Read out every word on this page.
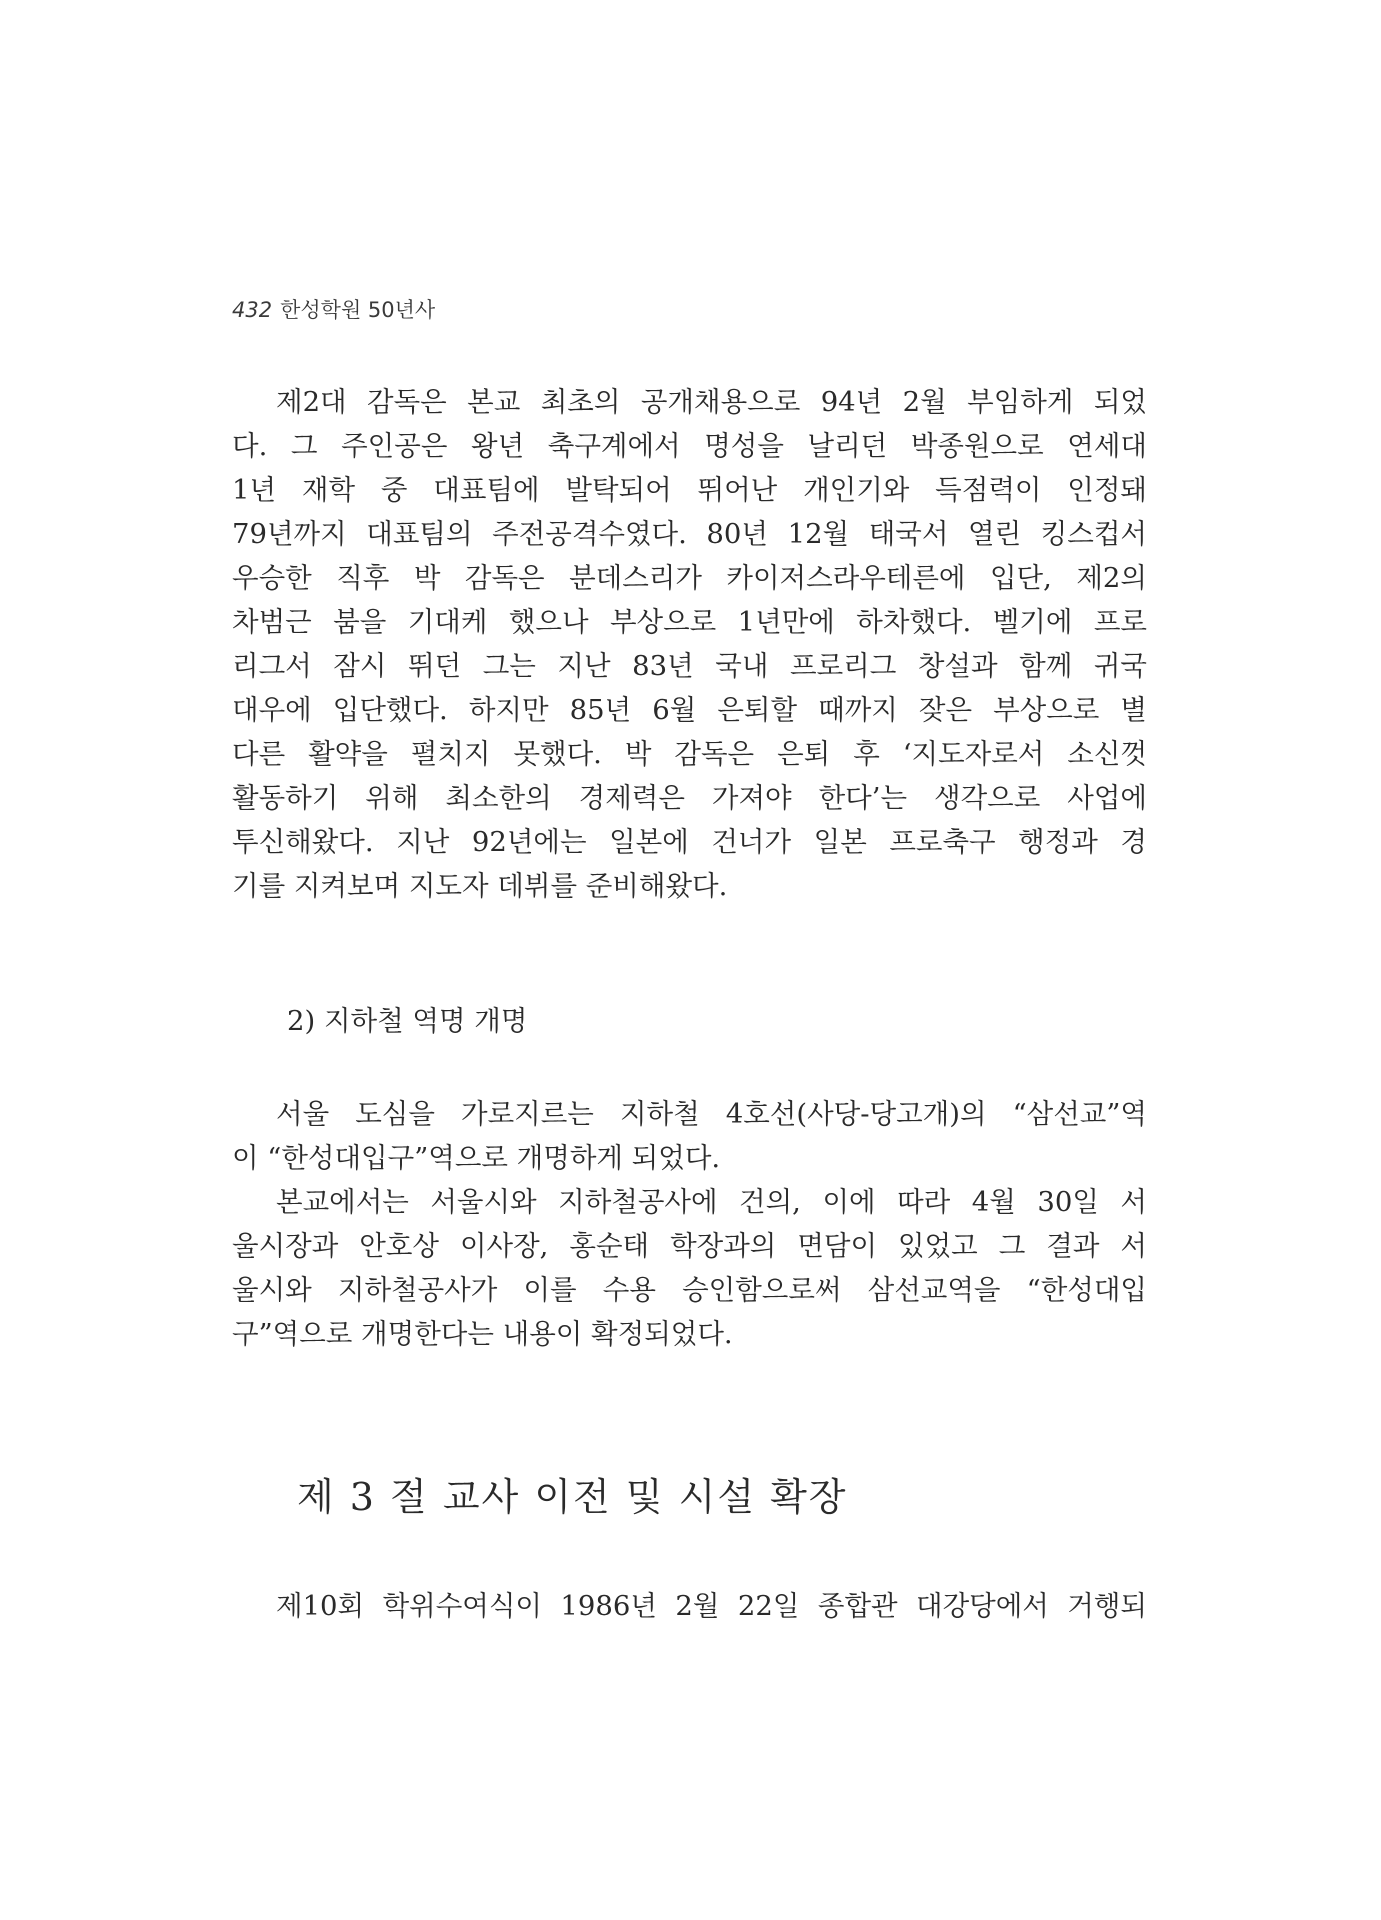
432 한성학원 50년사
제2대 감독은 본교 최초의 공개채용으로 94년 2월 부임하게 되었
다. 그 주인공은 왕년 축구계에서 명성을 날리던 박종원으로 연세대
1년 재학 중 대표팀에 발탁되어 뛰어난 개인기와 득점력이 인정돼
79년까지 대표팀의 주전공격수였다. 80년 12월 태국서 열린 킹스컵서
우승한 직후 박 감독은 분데스리가 카이저스라우테른에 입단, 제2의
차범근 붐을 기대케 했으나 부상으로 1년만에 하차했다. 벨기에 프로
리그서 잠시 뛰던 그는 지난 83년 국내 프로리그 창설과 함께 귀국
대우에 입단했다. 하지만 85년 6월 은퇴할 때까지 잦은 부상으로 별
다른 활약을 펼치지 못했다. 박 감독은 은퇴 후 ‘지도자로서 소신껏
활동하기 위해 최소한의 경제력은 가져야 한다’는 생각으로 사업에
투신해왔다. 지난 92년에는 일본에 건너가 일본 프로축구 행정과 경
기를 지켜보며 지도자 데뷔를 준비해왔다.
2) 지하철 역명 개명
서울 도심을 가로지르는 지하철 4호선(사당-당고개)의 “삼선교”역
이 “한성대입구”역으로 개명하게 되었다.
본교에서는 서울시와 지하철공사에 건의, 이에 따라 4월 30일 서
울시장과 안호상 이사장, 홍순태 학장과의 면담이 있었고 그 결과 서
울시와 지하철공사가 이를 수용 승인함으로써 삼선교역을 “한성대입
구”역으로 개명한다는 내용이 확정되었다.
제 3 절 교사 이전 및 시설 확장
제10회 학위수여식이 1986년 2월 22일 종합관 대강당에서 거행되
